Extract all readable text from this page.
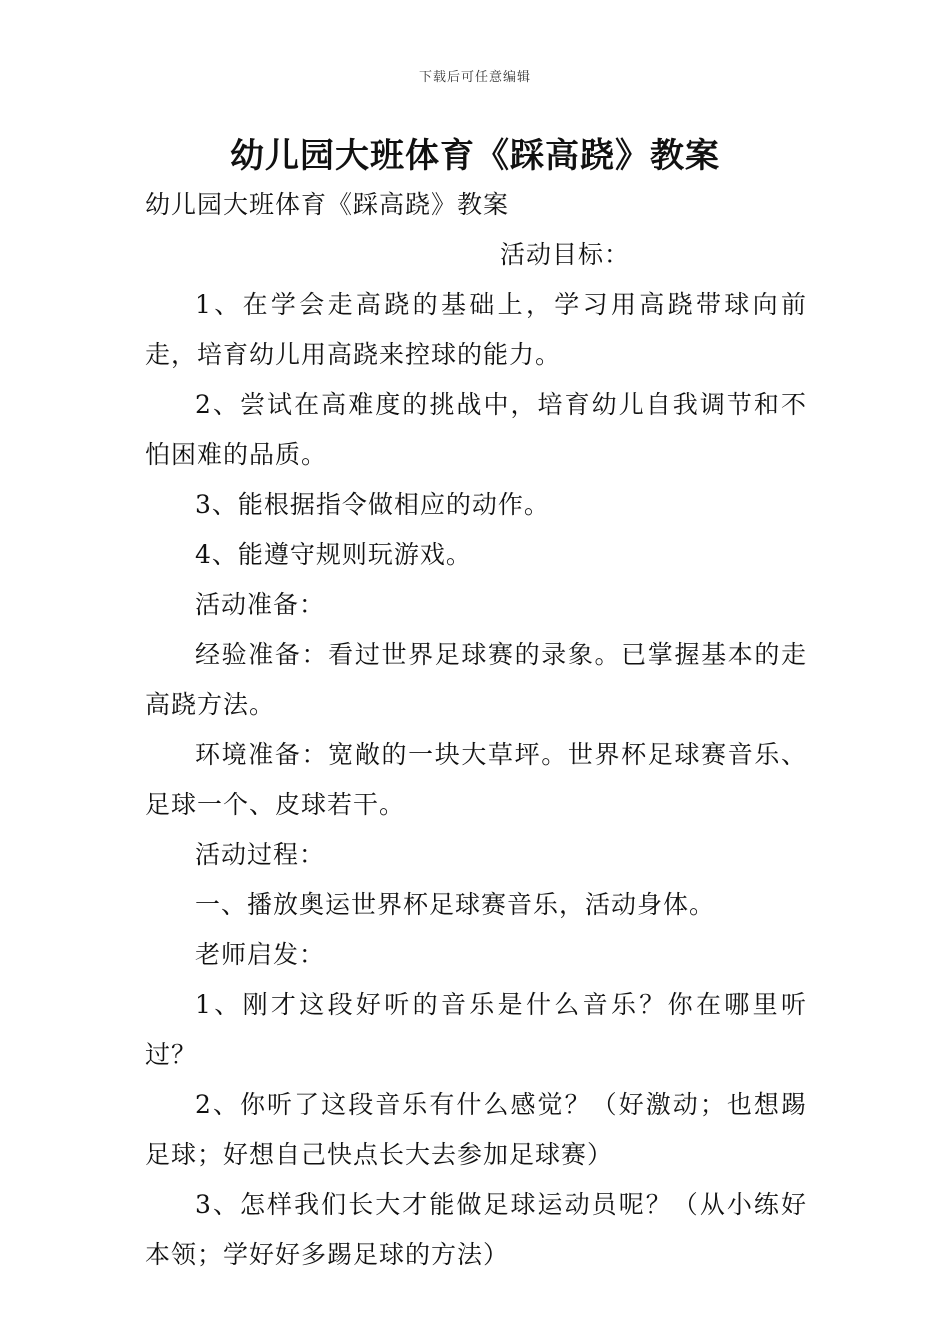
下载后可任意编辑
幼儿园大班体育《踩高跷》教案

幼儿园大班体育《踩高跷》教案

活动目标：

1、在学会走高跷的基础上，学习用高跷带球向前走，培育幼儿用高跷来控球的能力。

2、尝试在高难度的挑战中，培育幼儿自我调节和不怕困难的品质。

3、能根据指令做相应的动作。

4、能遵守规则玩游戏。

活动准备：

经验准备：看过世界足球赛的录象。已掌握基本的走高跷方法。

环境准备：宽敞的一块大草坪。世界杯足球赛音乐、足球一个、皮球若干。

活动过程：

一、播放奥运世界杯足球赛音乐，活动身体。

老师启发：

1、刚才这段好听的音乐是什么音乐？你在哪里听过？

2、你听了这段音乐有什么感觉？（好激动；也想踢足球；好想自己快点长大去参加足球赛）

3、怎样我们长大才能做足球运动员呢？（从小练好本领；学好好多踢足球的方法）
